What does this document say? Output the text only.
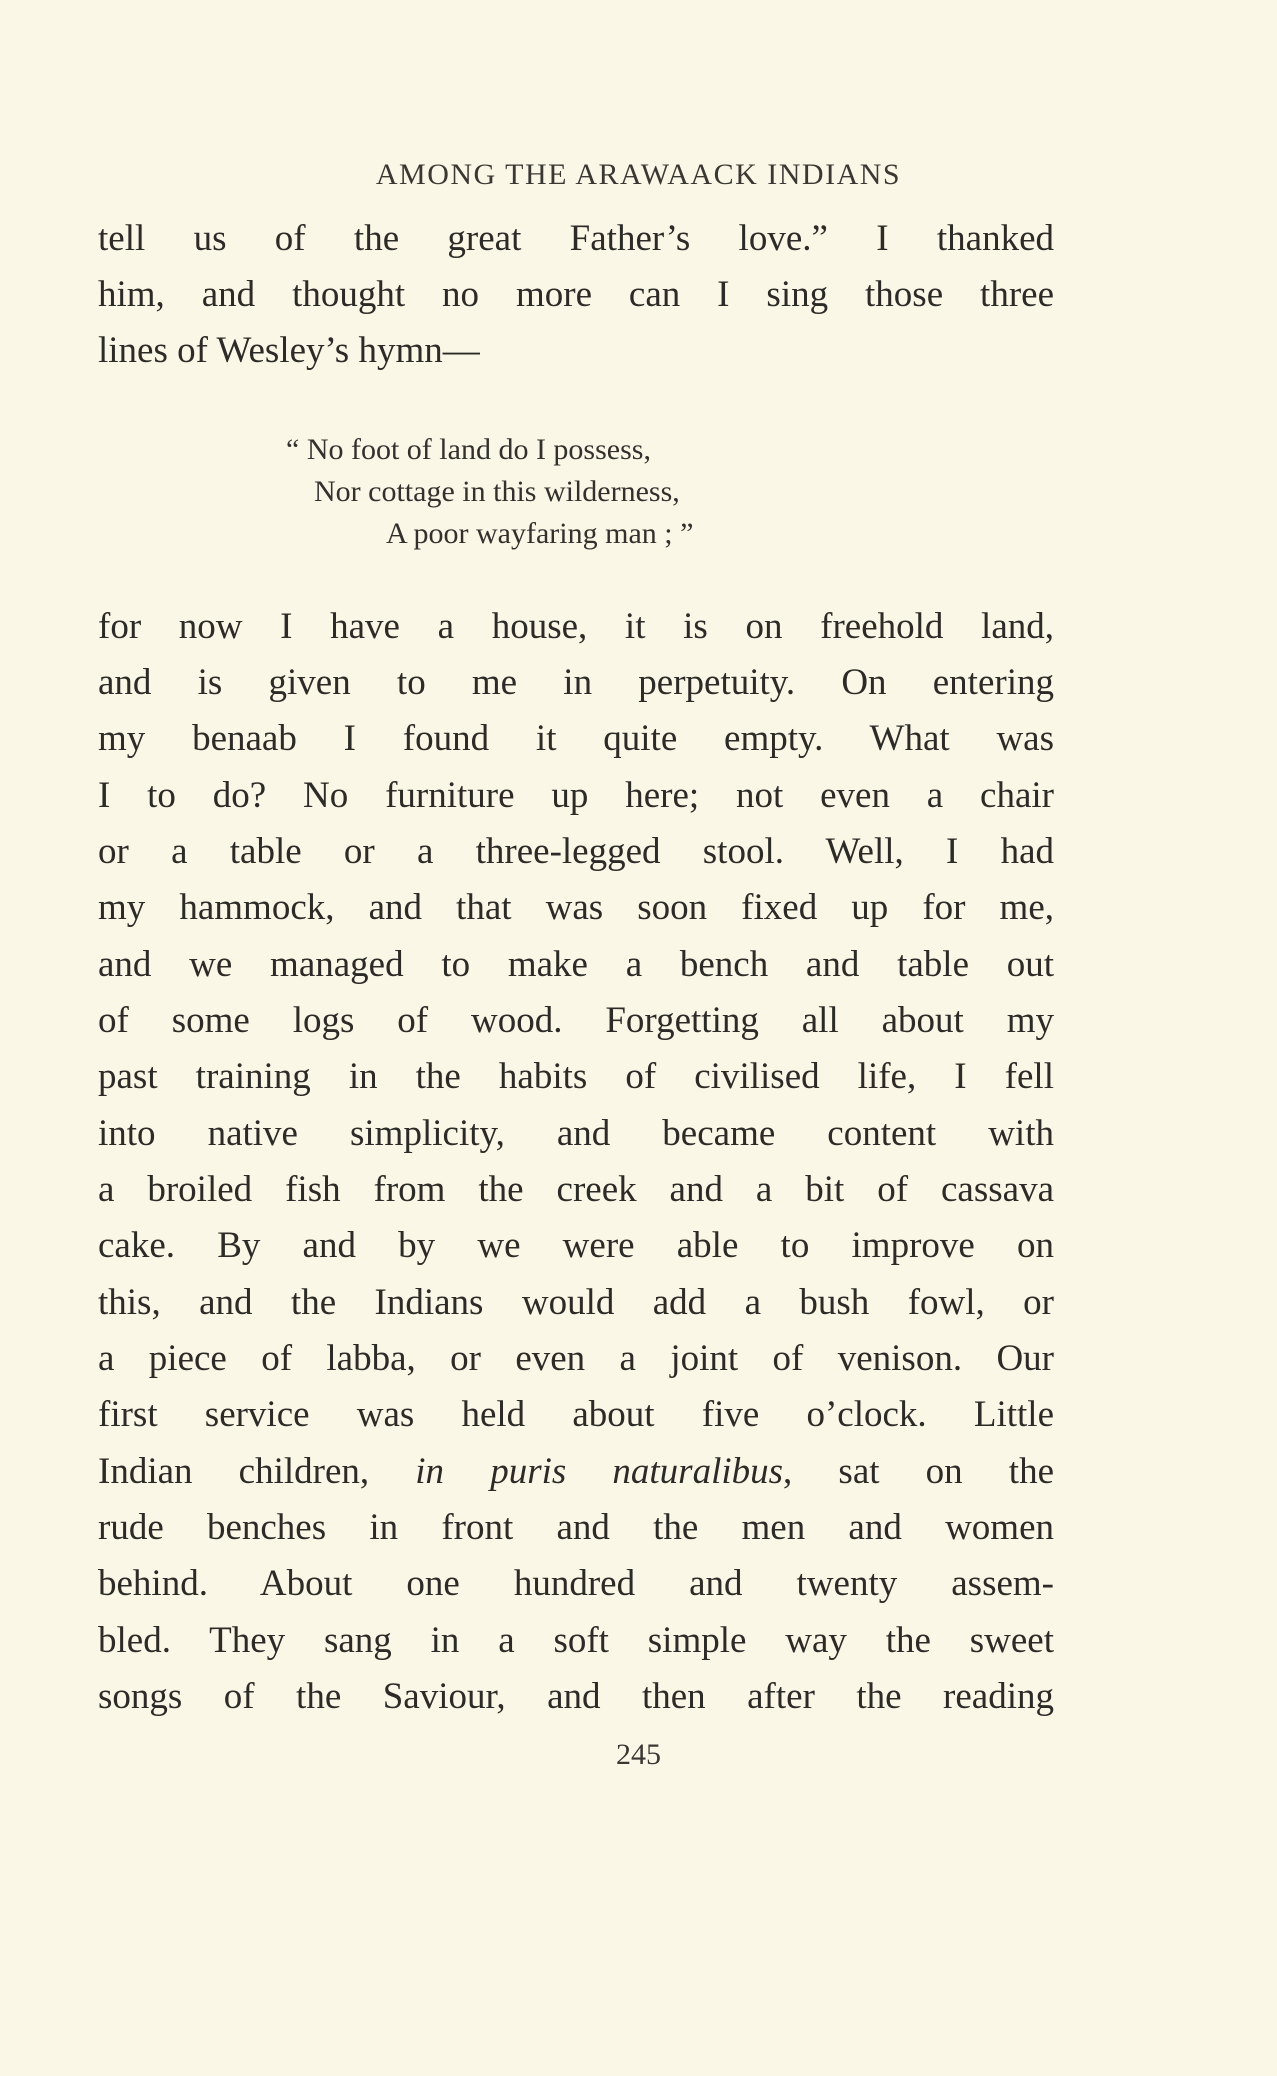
AMONG THE ARAWAACK INDIANS
tell us of the great Father’s love.” I thanked
him, and thought no more can I sing those three
lines of Wesley’s hymn—
“ No foot of land do I possess,
Nor cottage in this wilderness,
A poor wayfaring man ; ”
for now I have a house, it is on freehold land,
and is given to me in perpetuity. On entering
my benaab I found it quite empty. What was
I to do? No furniture up here; not even a chair
or a table or a three-legged stool. Well, I had
my hammock, and that was soon fixed up for me,
and we managed to make a bench and table out
of some logs of wood. Forgetting all about my
past training in the habits of civilised life, I fell
into native simplicity, and became content with
a broiled fish from the creek and a bit of cassava
cake. By and by we were able to improve on
this, and the Indians would add a bush fowl, or
a piece of labba, or even a joint of venison. Our
first service was held about five o’clock. Little
Indian children, in puris naturalibus, sat on the
rude benches in front and the men and women
behind. About one hundred and twenty assem-
bled. They sang in a soft simple way the sweet
songs of the Saviour, and then after the reading
245
